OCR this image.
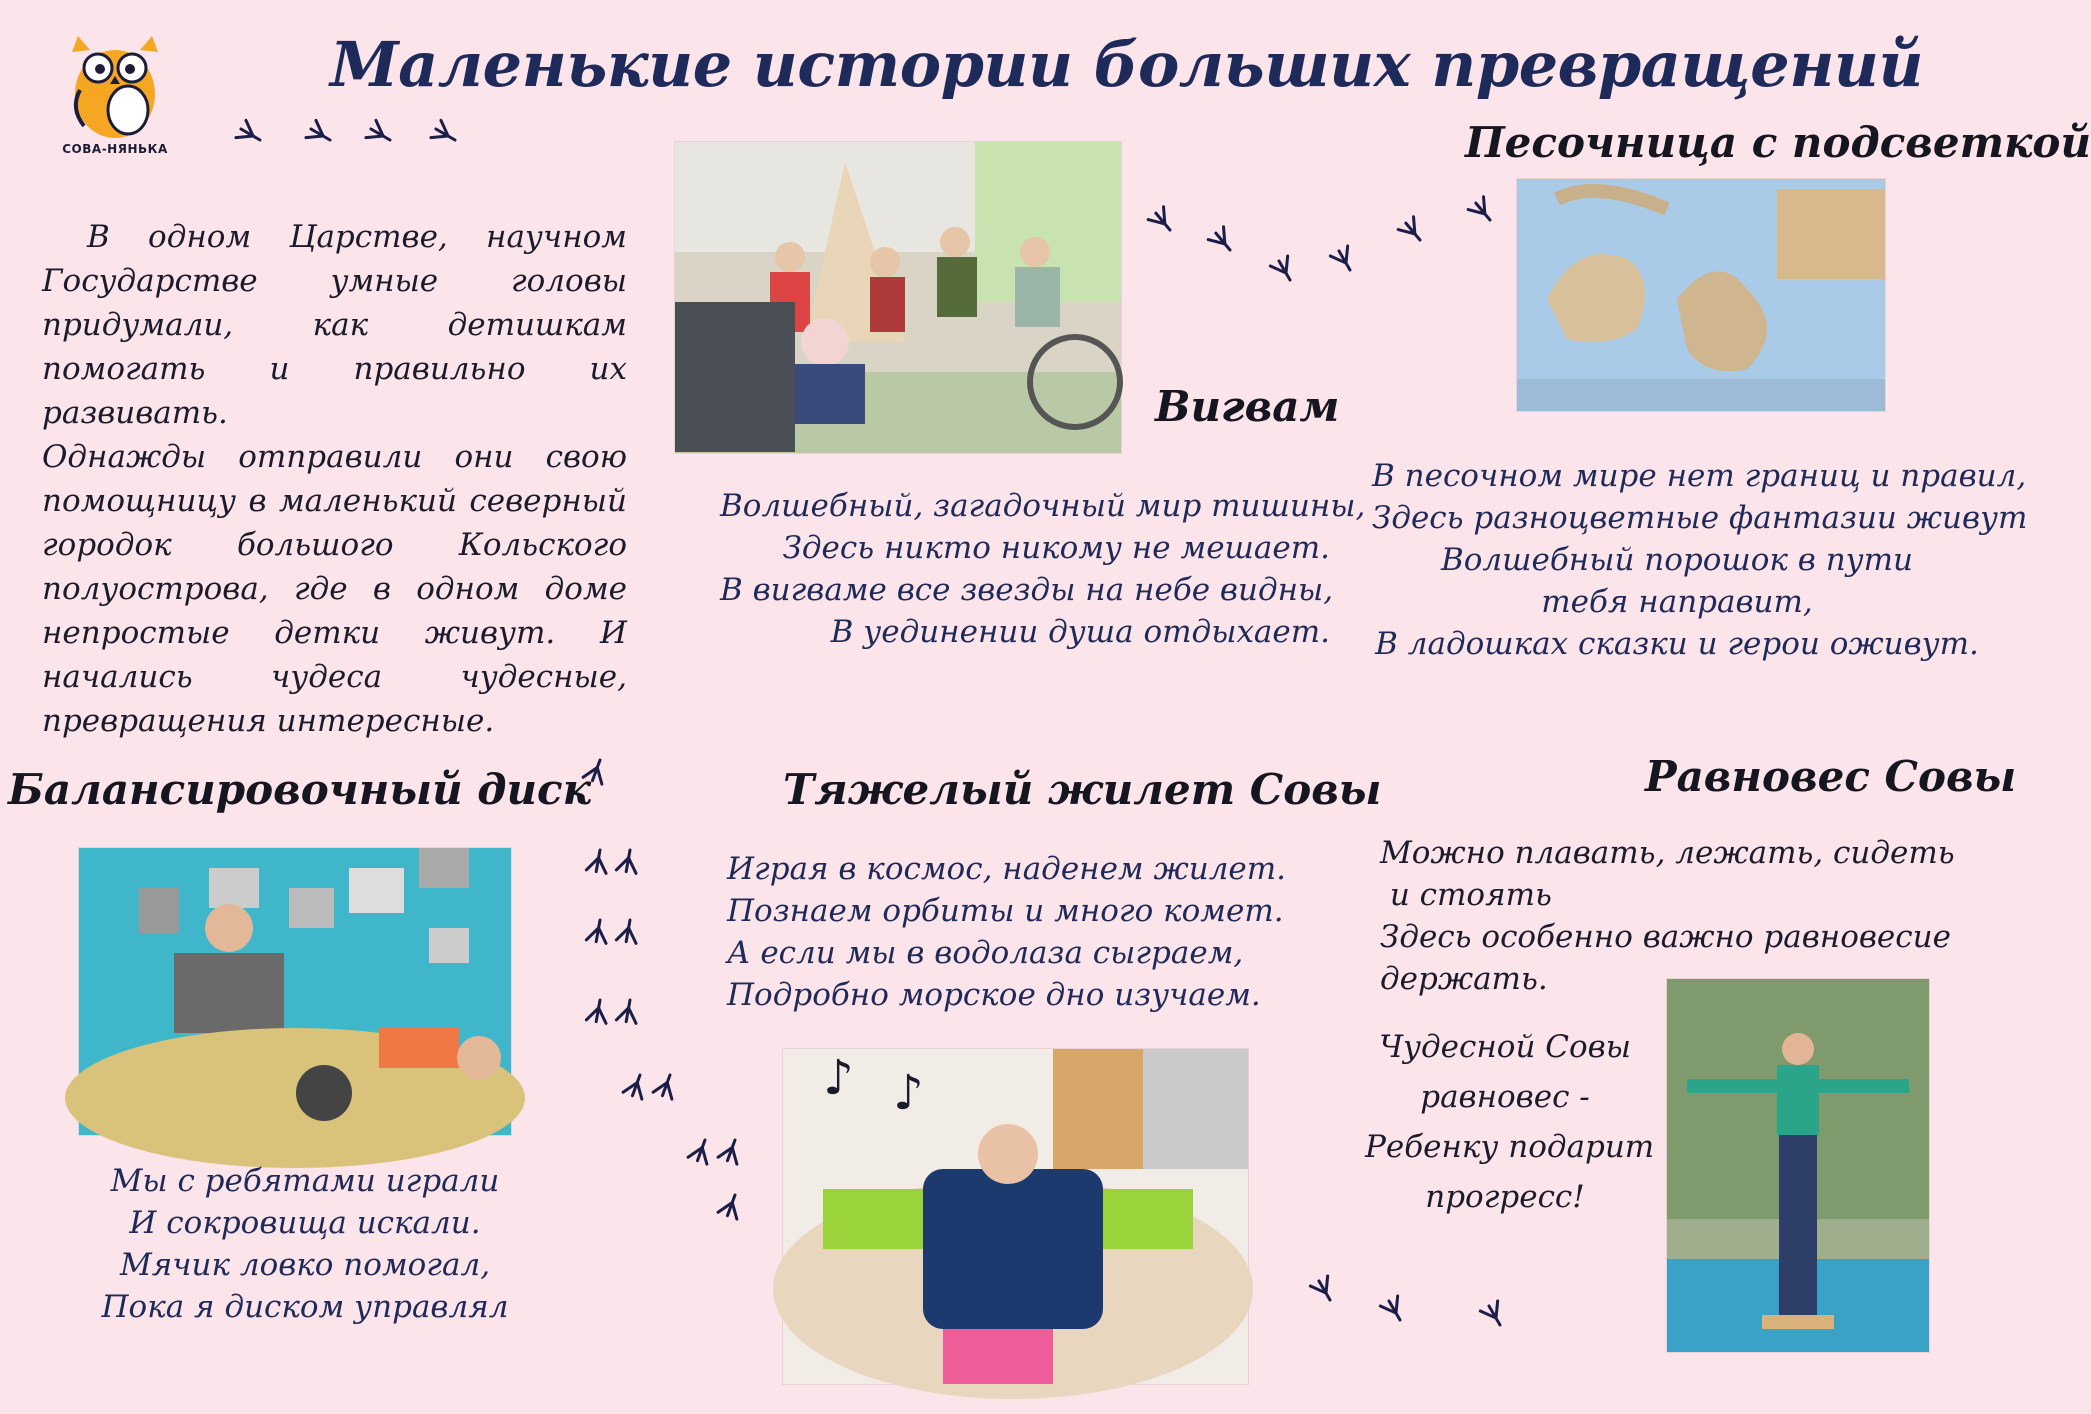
СОВА-НЯНЬКА
Маленькие истории больших превращений

В одном Царстве, научном Государстве умные головы придумали, как детишкам помогать и правильно их развивать.

Однажды отправили они свою помощницу в маленький северный городок большого Кольского полуострова, где в одном доме непростые детки живут. И начались чудеса чудесные, превращения интересные.

Вигвам
Волшебный, загадочный мир тишины,
Здесь никто никому не мешает.
В вигваме все звезды на небе видны,
В уединении душа отдыхает.
Песочница с подсветкой
В песочном мире нет границ и правил,
Здесь разноцветные фантазии живут
Волшебный порошок в пути
тебя направит,
В ладошках сказки и герои оживут.
Балансировочный диск
Мы с ребятами играли
И сокровища искали.
Мячик ловко помогал,
Пока я диском управлял
Тяжелый жилет Совы
Играя в космос, наденем жилет.
Познаем орбиты и много комет.
А если мы в водолаза сыграем,
Подробно морское дно изучаем.
♪ ♪
Равновес Совы
Можно плавать, лежать, сидеть
и стоять
Здесь особенно важно равновесие
держать.
Чудесной Совы
равновес -
Ребенку подарит
прогресс!
